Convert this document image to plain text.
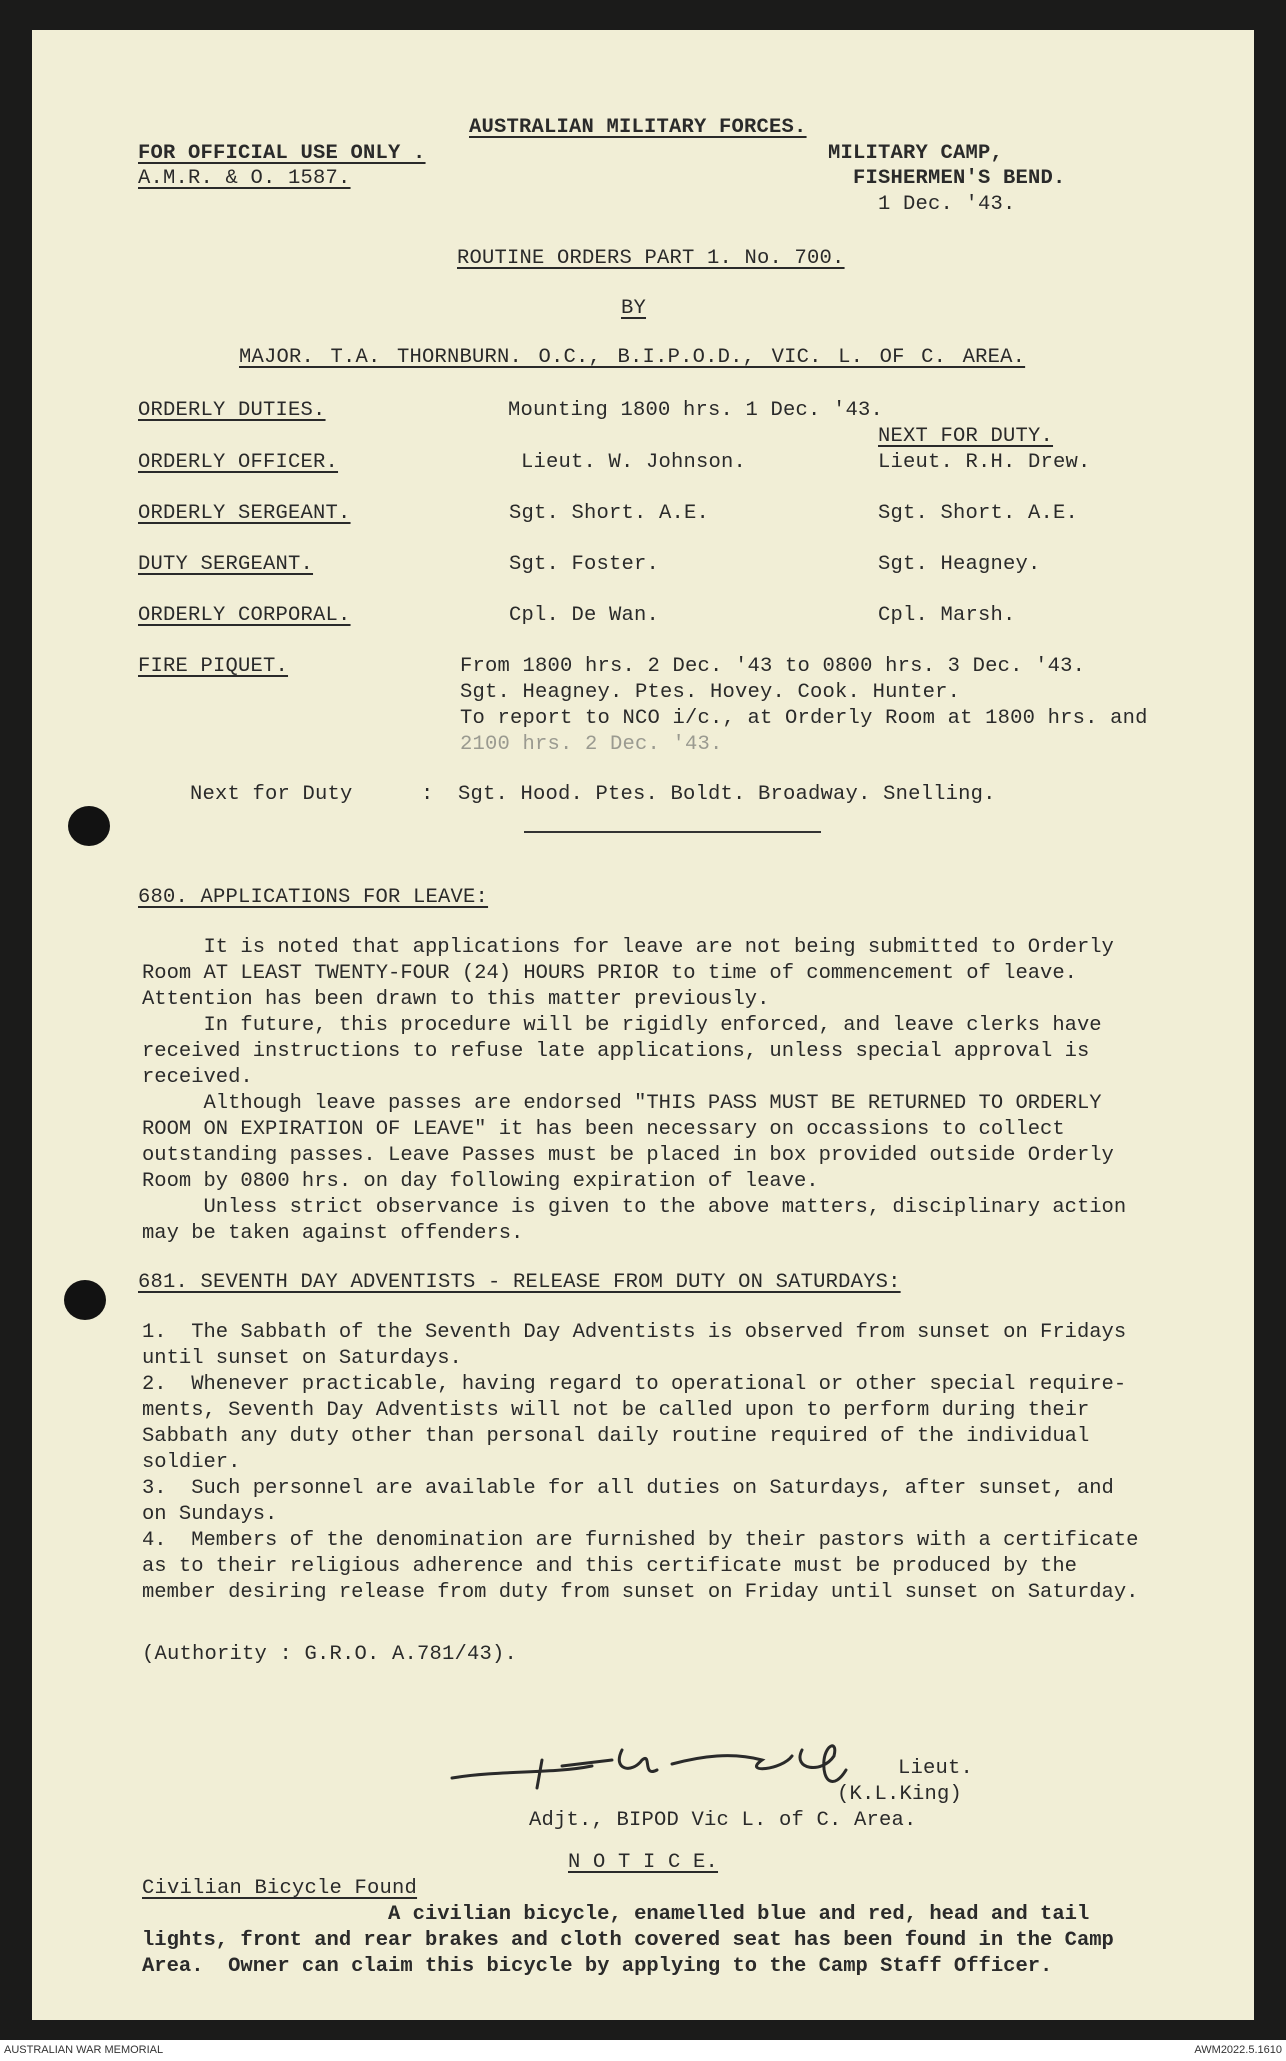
AUSTRALIAN MILITARY FORCES.
FOR OFFICIAL USE ONLY .
A.M.R. & O. 1587.
MILITARY CAMP,
FISHERMEN'S BEND.
1 Dec. '43.
ROUTINE ORDERS PART 1. No. 700.
BY
MAJOR. T.A. THORNBURN. O.C., B.I.P.O.D., VIC. L. OF C. AREA.
ORDERLY DUTIES.	Mounting 1800 hrs. 1 Dec. '43.
NEXT FOR DUTY.
ORDERLY OFFICER.	Lieut. W. Johnson.	Lieut. R.H. Drew.
ORDERLY SERGEANT.	Sgt. Short. A.E.	Sgt. Short. A.E.
DUTY SERGEANT.	Sgt. Foster.	Sgt. Heagney.
ORDERLY CORPORAL.	Cpl. De Wan.	Cpl. Marsh.
FIRE PIQUET.	From 1800 hrs. 2 Dec. '43 to 0800 hrs. 3 Dec. '43.
Sgt. Heagney. Ptes. Hovey. Cook. Hunter.
To report to NCO i/c., at Orderly Room at 1800 hrs. and
2100 hrs. 2 Dec. '43.
Next for Duty	: Sgt. Hood. Ptes. Boldt. Broadway. Snelling.
680. APPLICATIONS FOR LEAVE:
It is noted that applications for leave are not being submitted to Orderly
Room AT LEAST TWENTY-FOUR (24) HOURS PRIOR to time of commencement of leave.
Attention has been drawn to this matter previously.
In future, this procedure will be rigidly enforced, and leave clerks have
received instructions to refuse late applications, unless special approval is
received.
Although leave passes are endorsed "THIS PASS MUST BE RETURNED TO ORDERLY
ROOM ON EXPIRATION OF LEAVE" it has been necessary on occassions to collect
outstanding passes. Leave Passes must be placed in box provided outside Orderly
Room by 0800 hrs. on day following expiration of leave.
Unless strict observance is given to the above matters, disciplinary action
may be taken against offenders.
681. SEVENTH DAY ADVENTISTS - RELEASE FROM DUTY ON SATURDAYS:
1.  The Sabbath of the Seventh Day Adventists is observed from sunset on Fridays
until sunset on Saturdays.
2.  Whenever practicable, having regard to operational or other special require-
ments, Seventh Day Adventists will not be called upon to perform during their
Sabbath any duty other than personal daily routine required of the individual
soldier.
3.  Such personnel are available for all duties on Saturdays, after sunset, and
on Sundays.
4.  Members of the denomination are furnished by their pastors with a certificate
as to their religious adherence and this certificate must be produced by the
member desiring release from duty from sunset on Friday until sunset on Saturday.
(Authority : G.R.O. A.781/43).
Lieut.
(K.L.King)
Adjt., BIPOD Vic L. of C. Area.
N O T I C E.
Civilian Bicycle Found
A civilian bicycle, enamelled blue and red, head and tail
lights, front and rear brakes and cloth covered seat has been found in the Camp
Area.  Owner can claim this bicycle by applying to the Camp Staff Officer.
AUSTRALIAN WAR MEMORIAL	AWM2022.5.1610
